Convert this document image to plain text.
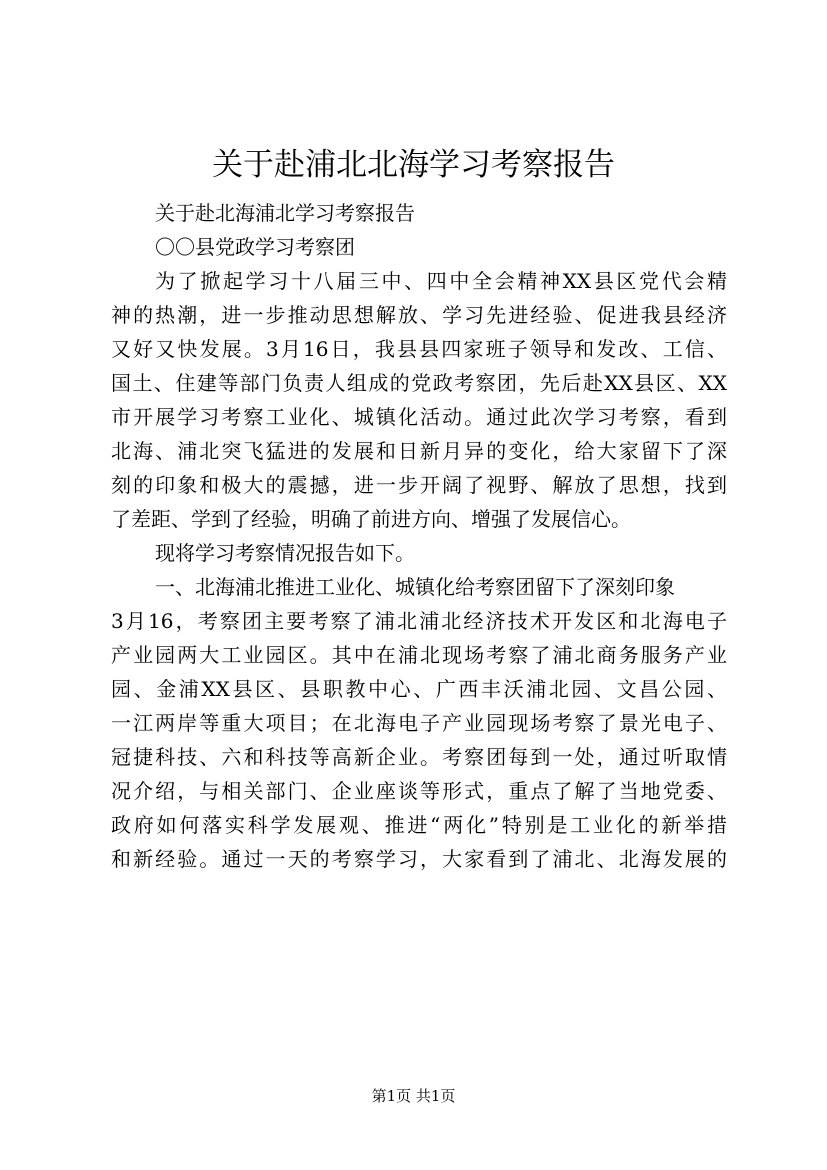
关于赴浦北北海学习考察报告

关于赴北海浦北学习考察报告

〇〇县党政学习考察团

为了掀起学习十八届三中、四中全会精神XX县区党代会精

神的热潮，进一步推动思想解放、学习先进经验、促进我县经济

又好又快发展。3月16日，我县县四家班子领导和发改、工信、

国土、住建等部门负责人组成的党政考察团，先后赴XX县区、XX

市开展学习考察工业化、城镇化活动。通过此次学习考察，看到

北海、浦北突飞猛进的发展和日新月异的变化，给大家留下了深

刻的印象和极大的震撼，进一步开阔了视野、解放了思想，找到

了差距、学到了经验，明确了前进方向、增强了发展信心。

现将学习考察情况报告如下。

一、北海浦北推进工业化、城镇化给考察团留下了深刻印象

3月16，考察团主要考察了浦北浦北经济技术开发区和北海电子

产业园两大工业园区。其中在浦北现场考察了浦北商务服务产业

园、金浦XX县区、县职教中心、广西丰沃浦北园、文昌公园、

一江两岸等重大项目；在北海电子产业园现场考察了景光电子、

冠捷科技、六和科技等高新企业。考察团每到一处，通过听取情

况介绍，与相关部门、企业座谈等形式，重点了解了当地党委、

政府如何落实科学发展观、推进“两化”特别是工业化的新举措

和新经验。通过一天的考察学习，大家看到了浦北、北海发展的

第1页 共1页
